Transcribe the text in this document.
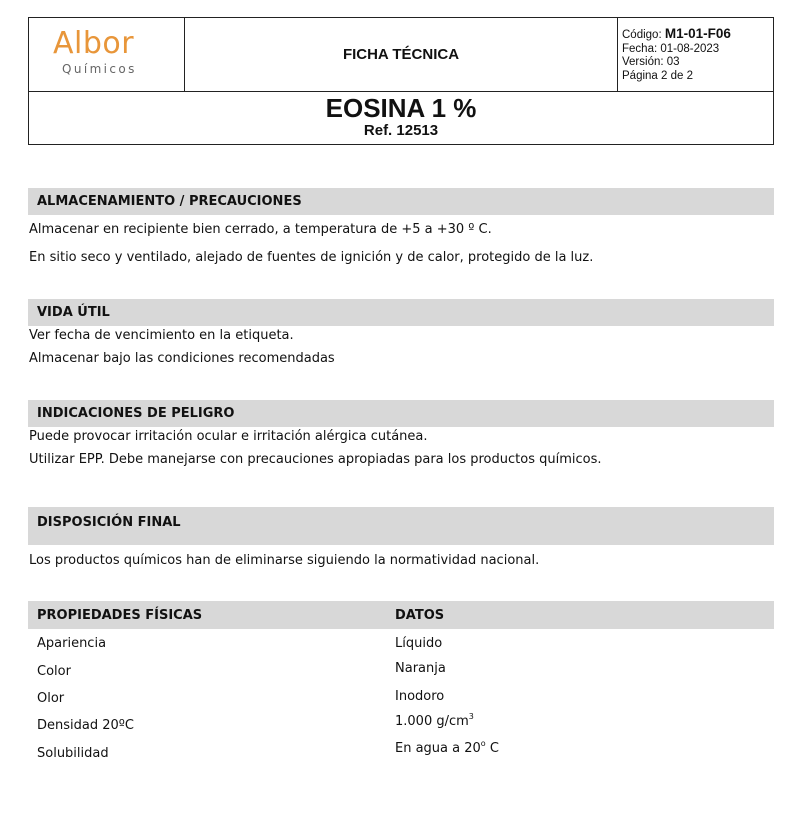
Albor
Químicos
FICHA TÉCNICA
Código: M1-01-F06
Fecha: 01-08-2023
Versión: 03
Página 2 de 2
EOSINA 1 %
Ref. 12513
ALMACENAMIENTO / PRECAUCIONES
Almacenar en recipiente bien cerrado, a temperatura de +5 a +30 º C.
En sitio seco y ventilado, alejado de fuentes de ignición y de calor, protegido de la luz.
VIDA ÚTIL
Ver fecha de vencimiento en la etiqueta.
Almacenar bajo las condiciones recomendadas
INDICACIONES DE PELIGRO
Puede provocar irritación ocular e irritación alérgica cutánea.
Utilizar EPP. Debe manejarse con precauciones apropiadas para los productos químicos.
DISPOSICIÓN FINAL
Los productos químicos han de eliminarse siguiendo la normatividad nacional.
PROPIEDADES FÍSICAS	DATOS
Apariencia	Líquido
Color	Naranja
Olor	Inodoro
Densidad 20ºC	1.000 $g/cm^3$
Solubilidad	En agua a 20$^o$ C
